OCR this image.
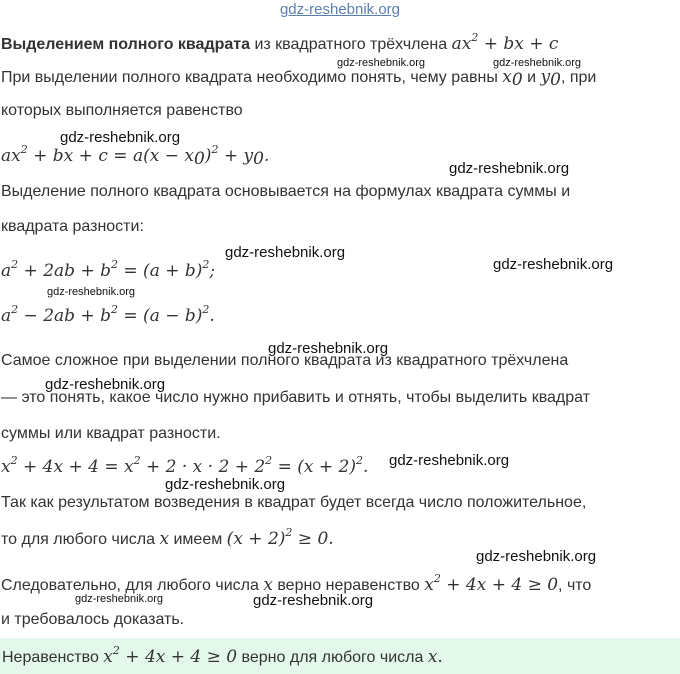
gdz-reshebnik.org
Выделением полного квадрата из квадратного трёхчлена $ax^2$ + bx + c
При выделении полного квадрата необходимо понять, чему равны $x_0$ и $y_0$, при
которых выполняется равенство
$ax^2$ + bx + $c = a(x - x_0)^2 + y_0$.
Выделение полного квадрата основывается на формулах квадрата суммы и
квадрата разности:
$a^2 + 2ab + b^2 = (a + b)^2$;
$a^2 - 2ab + b^2 = (a - b)^2$.
Самое сложное при выделении полного квадрата из квадратного трёхчлена
— это понять, какое число нужно прибавить и отнять, чтобы выделить квадрат
суммы или квадрат разности.
$x^2 + 4x + 4 = x^2 + 2 \cdot x \cdot 2 + 2^2 = (x + 2)^2$.
Так как результатом возведения в квадрат будет всегда число положительное,
то для любого числа x имеем $(x + 2)^2 \ge 0$.
Следовательно, для любого числа x верно неравенство $x^2 + 4x + 4 \ge 0$, что
и требовалось доказать.
Неравенство $x^2 + 4x + 4 \ge 0$ верно для любого числа x.
gdz-reshebnik.org	gdz-reshebnik.org
gdz-reshebnik.org
gdz-reshebnik.org
gdz-reshebnik.org
gdz-reshebnik.org
gdz-reshebnik.org
gdz-reshebnik.org
gdz-reshebnik.org
gdz-reshebnik.org
gdz-reshebnik.org
gdz-reshebnik.org
gdz-reshebnik.org	gdz-reshebnik.org
